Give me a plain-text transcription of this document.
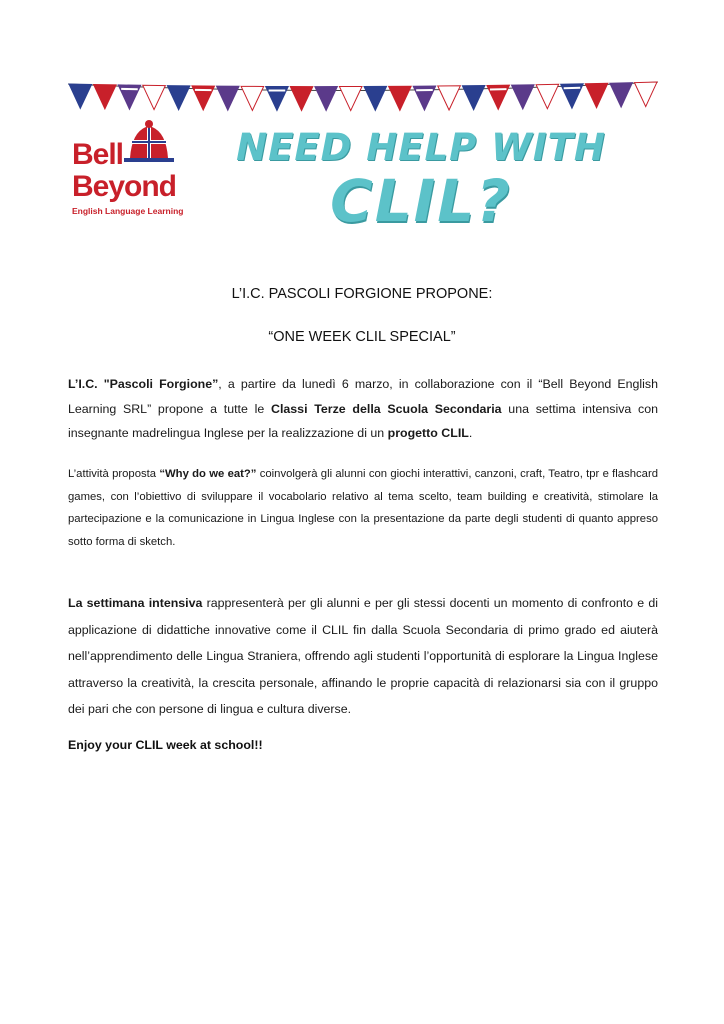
Bell

Beyond

English Language Learning

NEED HELP WITH

CLIL?

L’I.C. PASCOLI FORGIONE PROPONE:

“ONE WEEK CLIL SPECIAL”

L’I.C. "Pascoli Forgione”, a partire da lunedì 6 marzo, in collaborazione con il “Bell Beyond English Learning SRL” propone a tutte le Classi Terze della Scuola Secondaria una settima intensiva con insegnante madrelingua Inglese per la realizzazione di un progetto CLIL.

L’attività proposta “Why do we eat?” coinvolgerà gli alunni con giochi interattivi, canzoni, craft, Teatro, tpr e flashcard games, con l’obiettivo di sviluppare il vocabolario relativo al tema scelto, team building e creatività, stimolare la partecipazione e la comunicazione in Lingua Inglese con la presentazione da parte degli studenti di quanto appreso sotto forma di sketch.

La settimana intensiva rappresenterà per gli alunni e per gli stessi docenti un momento di confronto e di applicazione di didattiche innovative come il CLIL fin dalla Scuola Secondaria di primo grado ed aiuterà nell’apprendimento delle Lingua Straniera, offrendo agli studenti l’opportunità di esplorare la Lingua Inglese attraverso la creatività, la crescita personale, affinando le proprie capacità di relazionarsi sia con il gruppo dei pari che con persone di lingua e cultura diverse.

Enjoy your CLIL week at school!!
